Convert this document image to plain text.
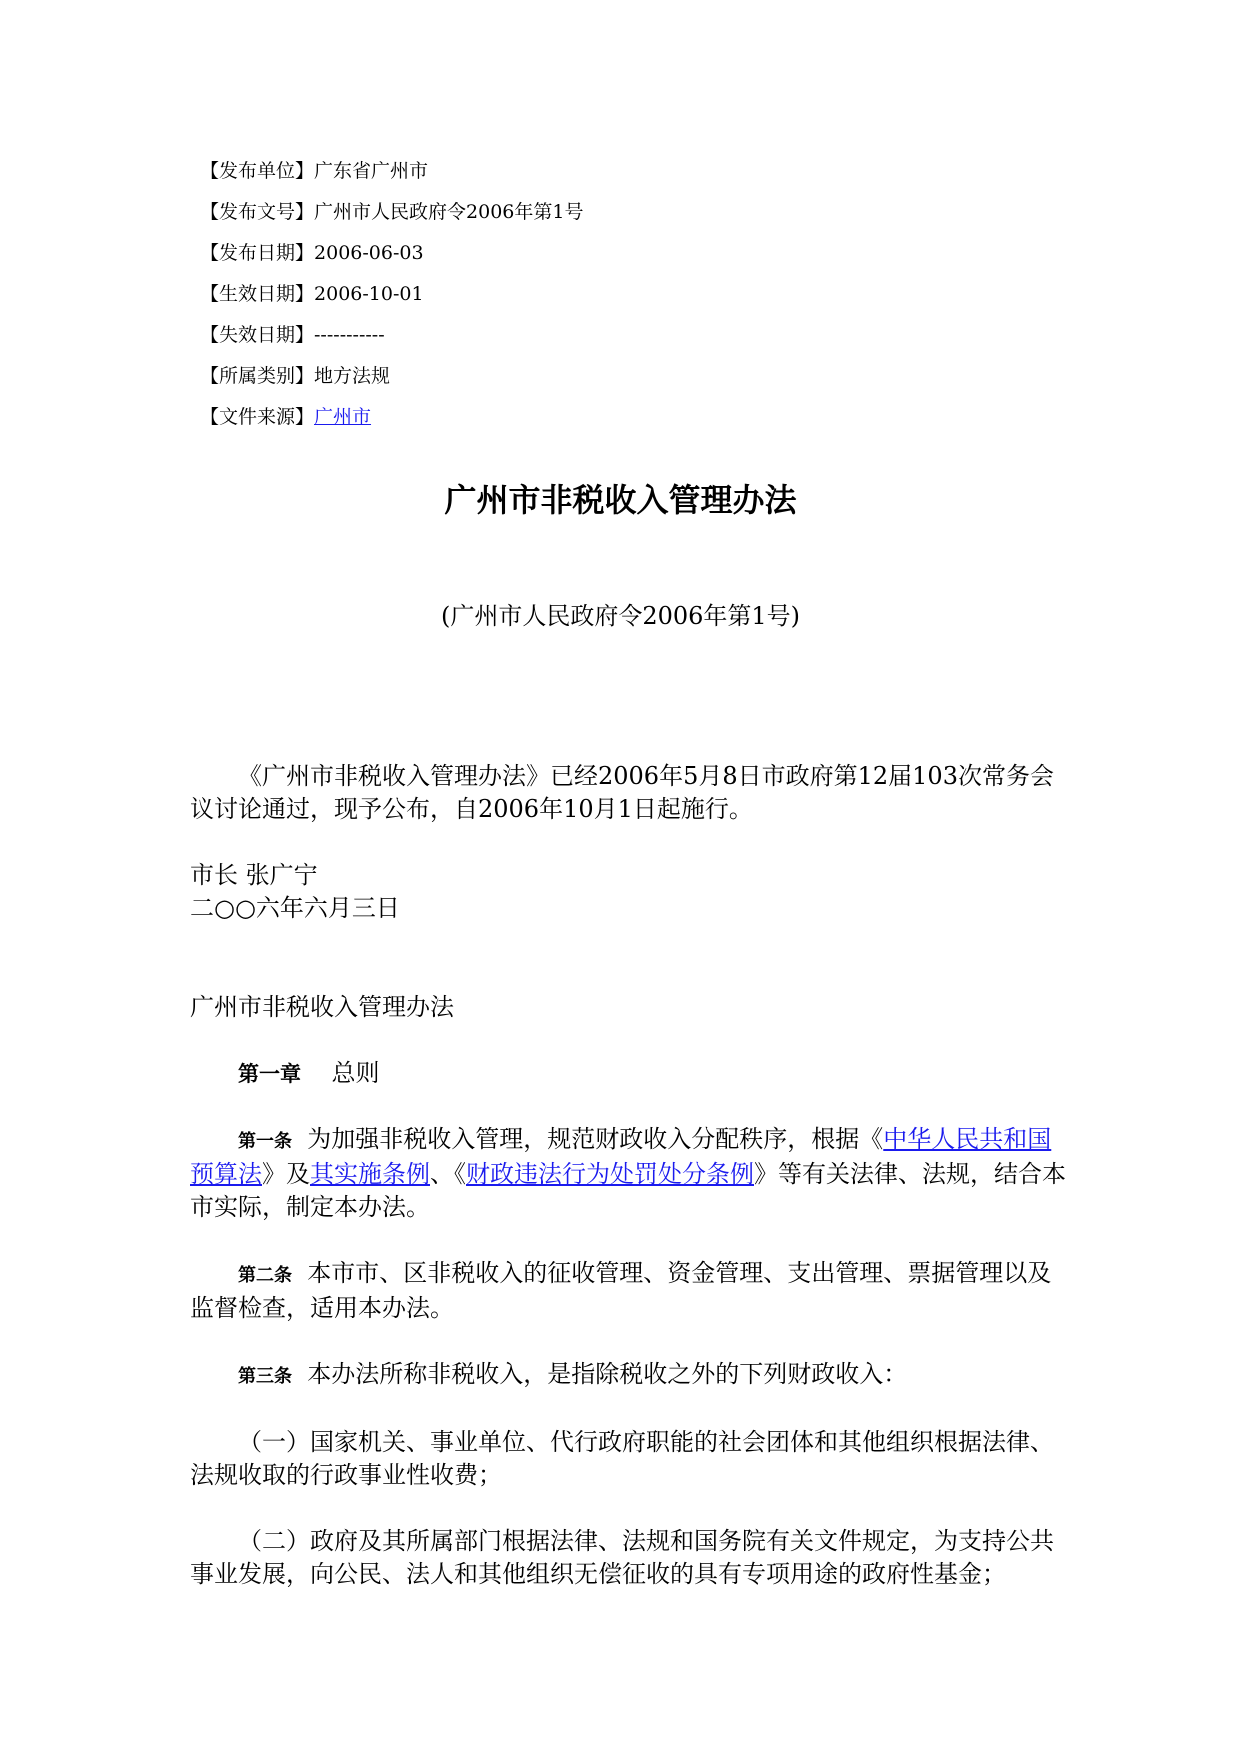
【发布单位】广东省广州市
【发布文号】广州市人民政府令2006年第1号
【发布日期】2006-06-03
【生效日期】2006-10-01
【失效日期】-----------
【所属类别】地方法规
【文件来源】广州市
广州市非税收入管理办法
(广州市人民政府令2006年第1号)

《广州市非税收入管理办法》已经2006年5月8日市政府第12届103次常务会议讨论通过，现予公布，自2006年10月1日起施行。

市长 张广宁

二○○六年六月三日

广州市非税收入管理办法

第一章 总则

第一条 为加强非税收入管理，规范财政收入分配秩序，根据《中华人民共和国预算法》及其实施条例、《财政违法行为处罚处分条例》等有关法律、法规，结合本市实际，制定本办法。

第二条 本市市、区非税收入的征收管理、资金管理、支出管理、票据管理以及监督检查，适用本办法。

第三条 本办法所称非税收入，是指除税收之外的下列财政收入：

（一）国家机关、事业单位、代行政府职能的社会团体和其他组织根据法律、法规收取的行政事业性收费；

（二）政府及其所属部门根据法律、法规和国务院有关文件规定，为支持公共事业发展，向公民、法人和其他组织无偿征收的具有专项用途的政府性基金；
